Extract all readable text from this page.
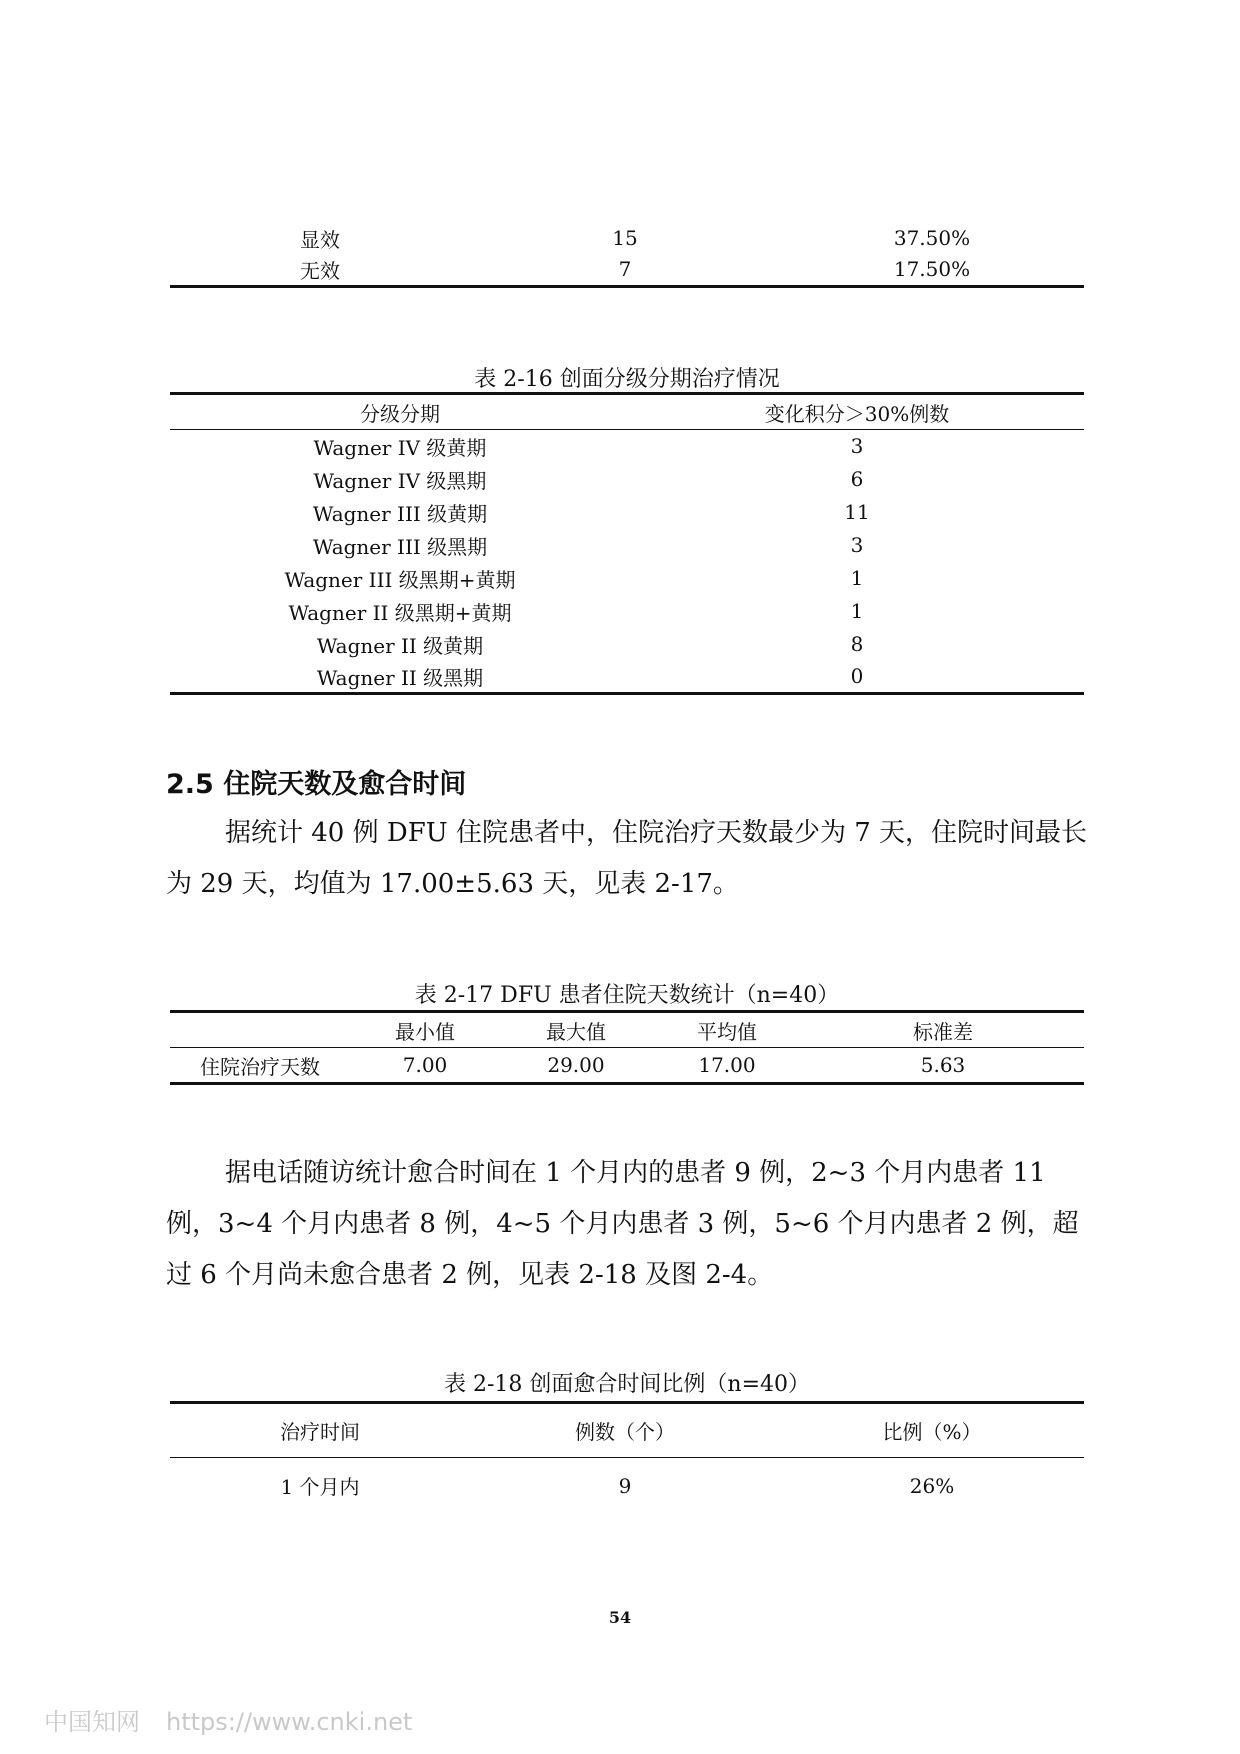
显效	15	37.50%
无效	7	17.50%
表 2-16 创面分级分期治疗情况
分级分期	变化积分＞30%例数
Wagner IV 级黄期	3
Wagner IV 级黑期	6
Wagner III 级黄期	11
Wagner III 级黑期	3
Wagner III 级黑期+黄期	1
Wagner II 级黑期+黄期	1
Wagner II 级黄期	8
Wagner II 级黑期	0
2.5 住院天数及愈合时间
据统计 40 例 DFU 住院患者中，住院治疗天数最少为 7 天，住院时间最长为 29 天，均值为 17.00±5.63 天，见表 2-17。
表 2-17 DFU 患者住院天数统计（n=40）
	最小值	最大值	平均值	标准差
住院治疗天数	7.00	29.00	17.00	5.63
据电话随访统计愈合时间在 1 个月内的患者 9 例，2~3 个月内患者 11 例，3~4 个月内患者 8 例，4~5 个月内患者 3 例，5~6 个月内患者 2 例，超过 6 个月尚未愈合患者 2 例，见表 2-18 及图 2-4。
表 2-18 创面愈合时间比例（n=40）
治疗时间	例数（个）	比例（%）
1 个月内	9	26%
54
中国知网 https://www.cnki.net
